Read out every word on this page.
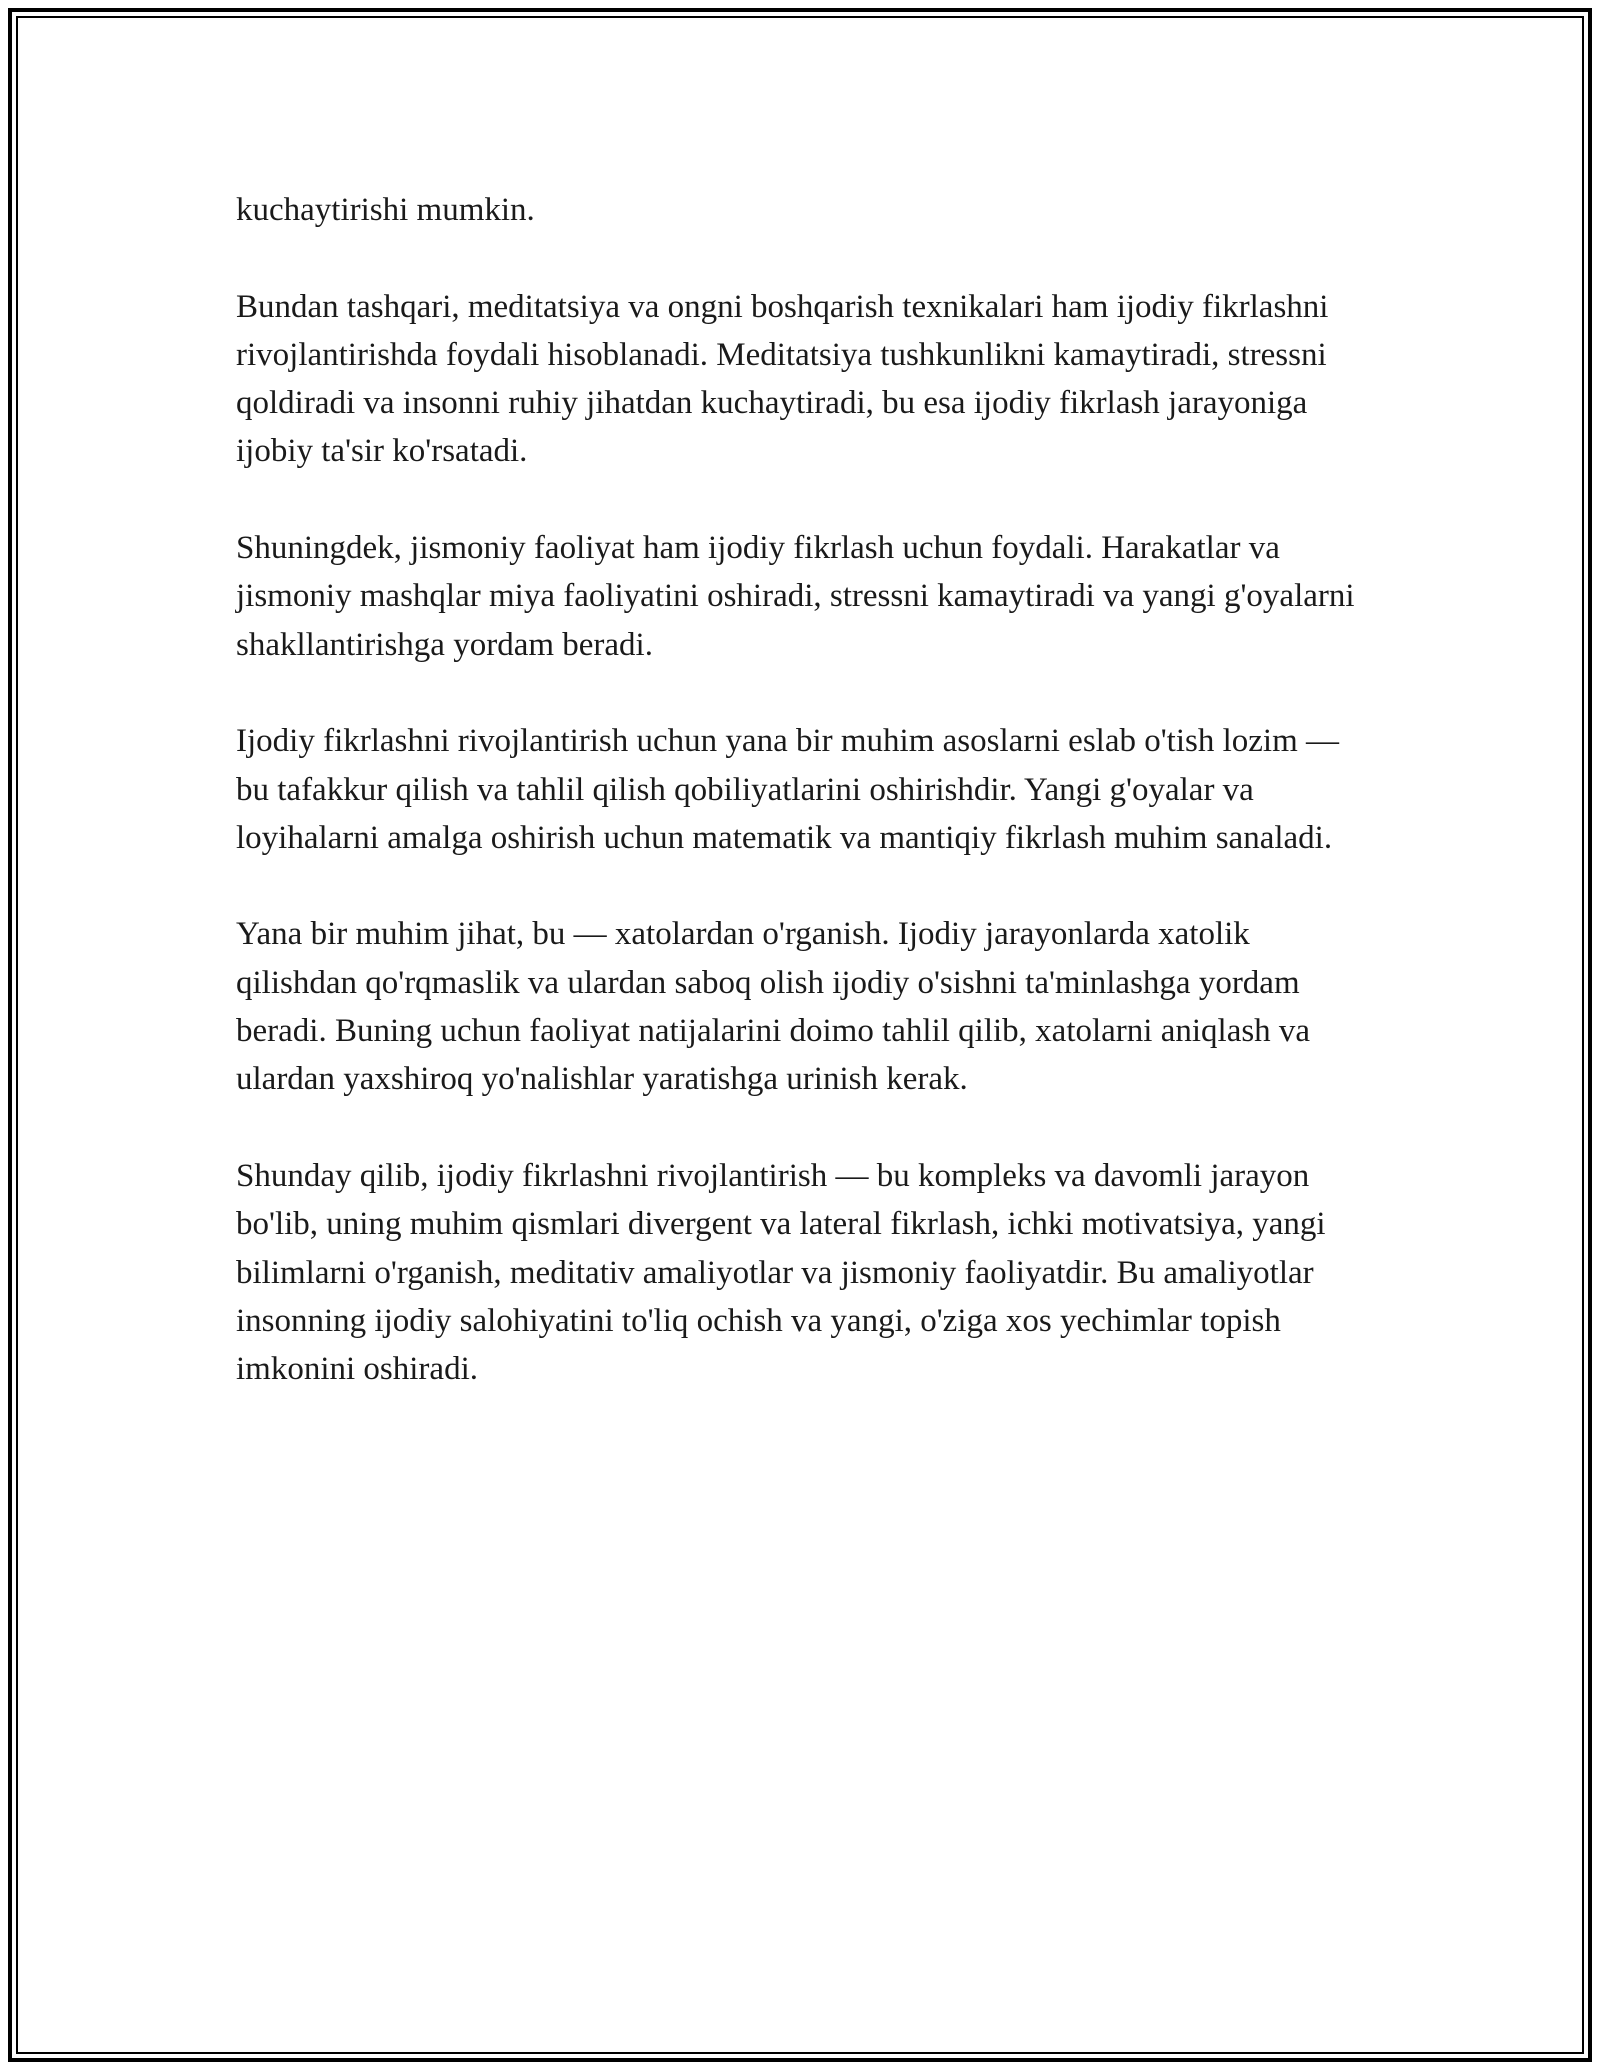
kuchaytirishi mumkin.

Bundan tashqari, meditatsiya va ongni boshqarish texnikalari ham ijodiy fikrlashni rivojlantirishda foydali hisoblanadi. Meditatsiya tushkunlikni kamaytiradi, stressni qoldiradi va insonni ruhiy jihatdan kuchaytiradi, bu esa ijodiy fikrlash jarayoniga ijobiy ta'sir ko'rsatadi.

Shuningdek, jismoniy faoliyat ham ijodiy fikrlash uchun foydali. Harakatlar va jismoniy mashqlar miya faoliyatini oshiradi, stressni kamaytiradi va yangi g'oyalarni shakllantirishga yordam beradi.

Ijodiy fikrlashni rivojlantirish uchun yana bir muhim asoslarni eslab o'tish lozim — bu tafakkur qilish va tahlil qilish qobiliyatlarini oshirishdir. Yangi g'oyalar va loyihalarni amalga oshirish uchun matematik va mantiqiy fikrlash muhim sanaladi.

Yana bir muhim jihat, bu — xatolardan o'rganish. Ijodiy jarayonlarda xatolik qilishdan qo'rqmaslik va ulardan saboq olish ijodiy o'sishni ta'minlashga yordam beradi. Buning uchun faoliyat natijalarini doimo tahlil qilib, xatolarni aniqlash va ulardan yaxshiroq yo'nalishlar yaratishga urinish kerak.

Shunday qilib, ijodiy fikrlashni rivojlantirish — bu kompleks va davomli jarayon bo'lib, uning muhim qismlari divergent va lateral fikrlash, ichki motivatsiya, yangi bilimlarni o'rganish, meditativ amaliyotlar va jismoniy faoliyatdir. Bu amaliyotlar insonning ijodiy salohiyatini to'liq ochish va yangi, o'ziga xos yechimlar topish imkonini oshiradi.
